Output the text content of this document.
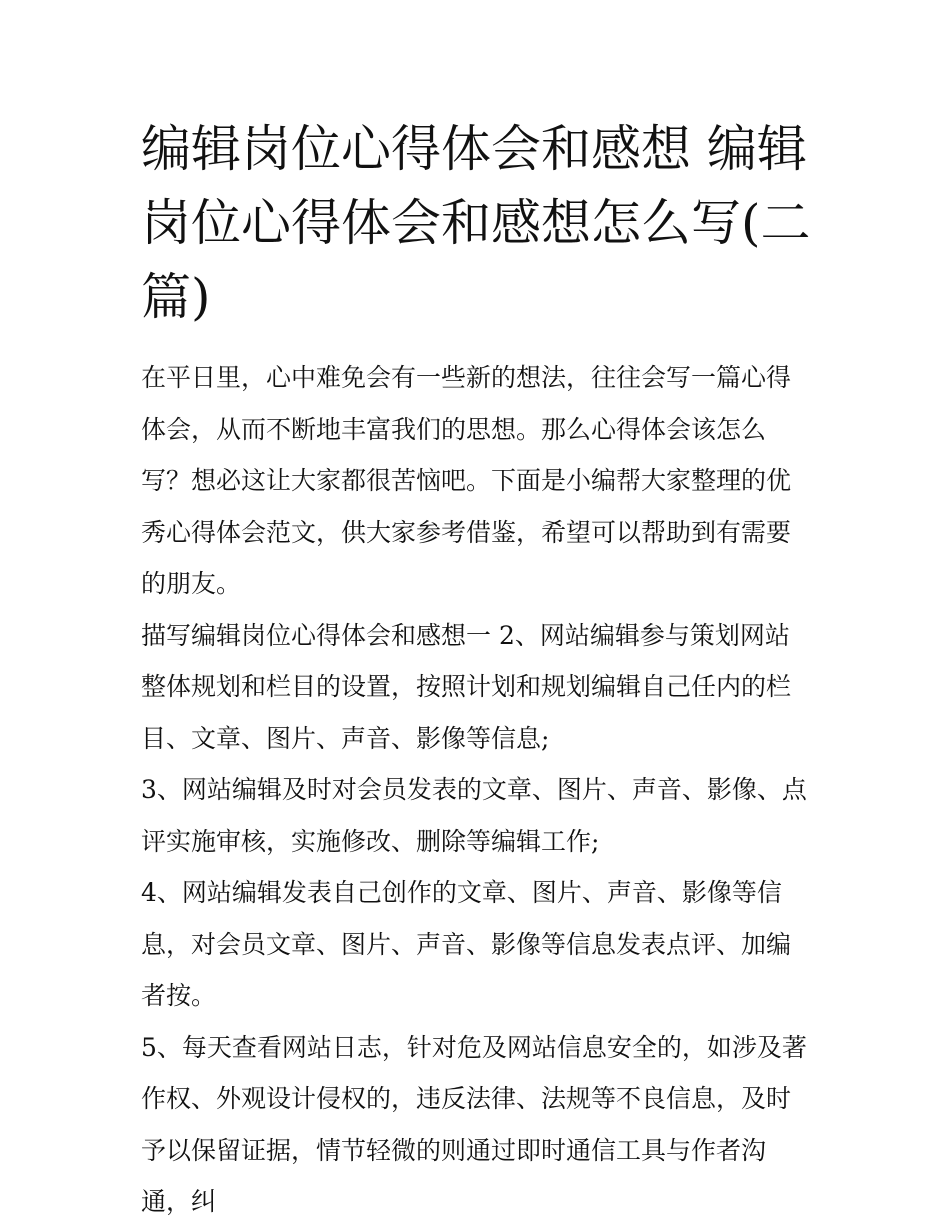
编辑岗位心得体会和感想 编辑岗位心得体会和感想怎么写(二篇)

在平日里，心中难免会有一些新的想法，往往会写一篇心得体会，从而不断地丰富我们的思想。那么心得体会该怎么写？想必这让大家都很苦恼吧。下面是小编帮大家整理的优秀心得体会范文，供大家参考借鉴，希望可以帮助到有需要的朋友。

描写编辑岗位心得体会和感想一 2、网站编辑参与策划网站整体规划和栏目的设置，按照计划和规划编辑自己任内的栏目、文章、图片、声音、影像等信息;

3、网站编辑及时对会员发表的文章、图片、声音、影像、点评实施审核，实施修改、删除等编辑工作;

4、网站编辑发表自己创作的文章、图片、声音、影像等信息，对会员文章、图片、声音、影像等信息发表点评、加编者按。

5、每天查看网站日志，针对危及网站信息安全的，如涉及著作权、外观设计侵权的，违反法律、法规等不良信息，及时予以保留证据，情节轻微的则通过即时通信工具与作者沟通，纠
